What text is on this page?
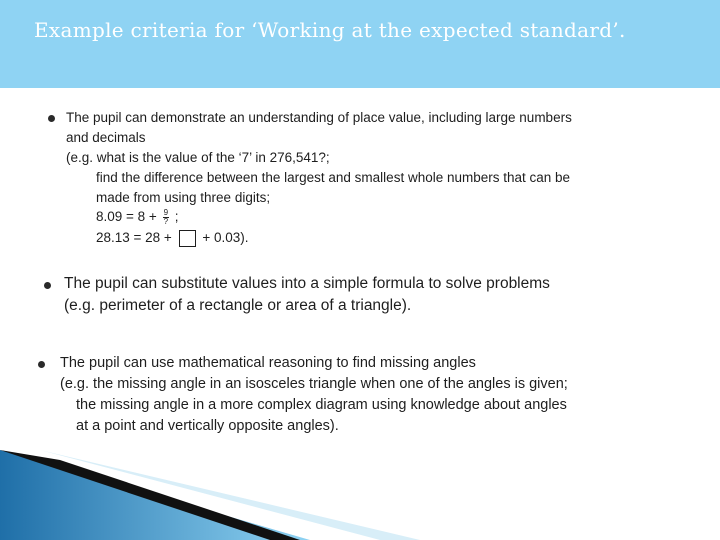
Example criteria for ‘Working at the expected standard’.
The pupil can demonstrate an understanding of place value, including large numbers
and decimals
(e.g. what is the value of the ‘7’ in 276,541?;
find the difference between the largest and smallest whole numbers that can be
made from using three digits;
$8.09 = 8 + \frac{9}{?}$ ;
28.13 = 28 + + 0.03).
The pupil can substitute values into a simple formula to solve problems
(e.g. perimeter of a rectangle or area of a triangle).
The pupil can use mathematical reasoning to find missing angles
(e.g. the missing angle in an isosceles triangle when one of the angles is given;
the missing angle in a more complex diagram using knowledge about angles
at a point and vertically opposite angles).
